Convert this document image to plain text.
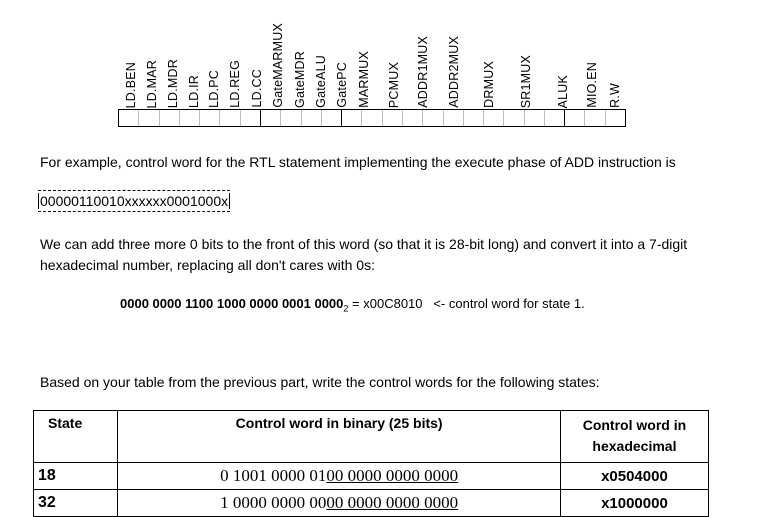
LD.BEN LD.MAR LD.MDR LD.IR LD.PC LD.REG LD.CC GateMARMUX GateMDR GateALU GatePC MARMUX PCMUX ADDR1MUX ADDR2MUX DRMUX SR1MUX ALUK MIO.EN R.W
For example, control word for the RTL statement implementing the execute phase of ADD instruction is
00000110010xxxxxx0001000x
We can add three more 0 bits to the front of this word (so that it is 28-bit long) and convert it into a 7-digit hexadecimal number, replacing all don't cares with 0s:
0000 0000 1100 1000 0000 0001 $0000_2 = x00C8010$   <- control word for state 1.
Based on your table from the previous part, write the control words for the following states:
State	Control word in binary (25 bits)	Control word in hexadecimal
18	0 1001 0000 0100 0000 0000 0000	x0504000
32	1 0000 0000 0000 0000 0000 0000	x1000000
